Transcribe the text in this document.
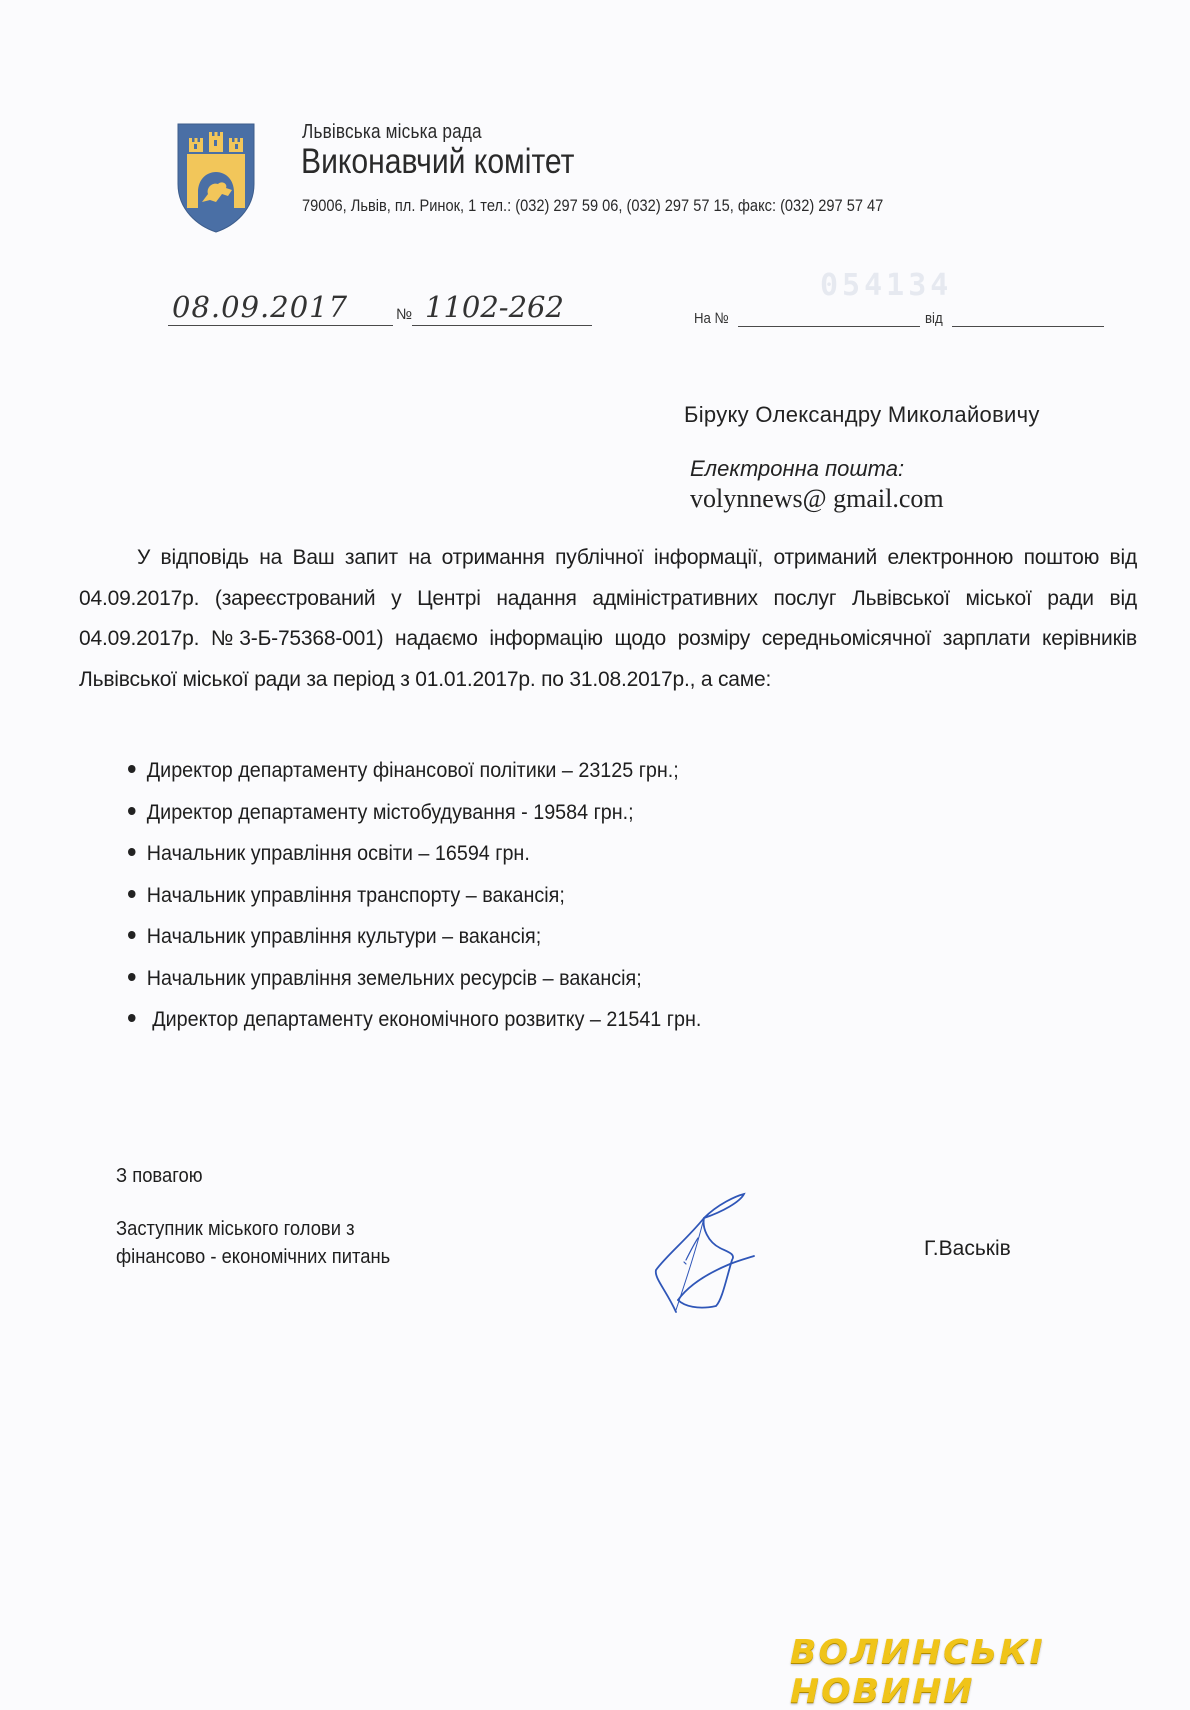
Львівська міська рада
Виконавчий комітет
79006, Львів, пл. Ринок, 1 тел.: (032) 297 59 06, (032) 297 57 15, факс: (032) 297 57 47
054134
08.09.2017	№ 1102-262	На №	від
Біруку Олександру Миколайовичу
Електронна пошта:
volynnews@ gmail.com
У відповідь на Ваш запит на отримання публічної інформації, отриманий електронною поштою від 04.09.2017р. (зареєстрований у Центрі надання адміністративних послуг Львівської міської ради від 04.09.2017р. №3-Б-75368-001) надаємо інформацію щодо розміру середньомісячної зарплати керівників Львівської міської ради за період з 01.01.2017р. по 31.08.2017р., а саме:
Директор департаменту фінансової політики – 23125 грн.;
Директор департаменту містобудування - 19584 грн.;
Начальник управління освіти – 16594 грн.
Начальник управління транспорту – вакансія;
Начальник управління культури – вакансія;
Начальник управління земельних ресурсів – вакансія;
Директор департаменту економічного розвитку – 21541 грн.
З повагою
Заступник міського голови з
фінансово - економічних питань	Г.Васьків
ВОЛИНСЬКІ НОВИНИ
